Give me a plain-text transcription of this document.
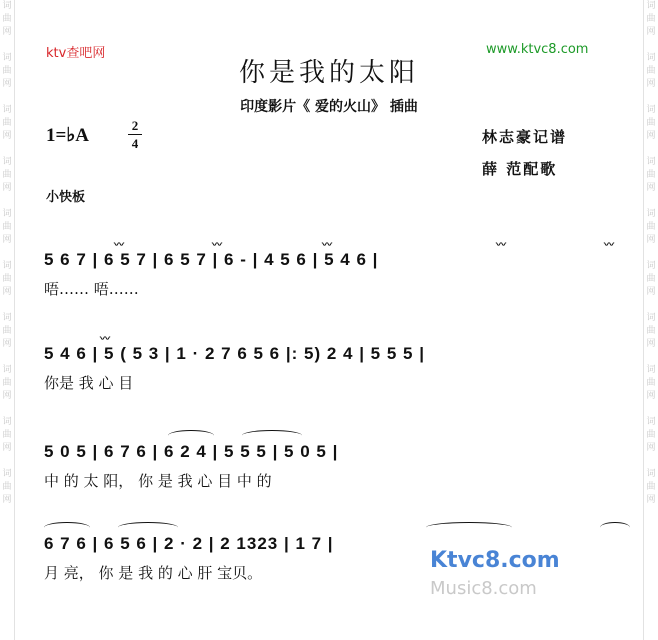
词
曲
网

词
曲
网

词
曲
网

词
曲
网

词
曲
网

词
曲
网

词
曲
网

词
曲
网

词
曲
网

词
曲
网
词
曲
网

词
曲
网

词
曲
网

词
曲
网

词
曲
网

词
曲
网

词
曲
网

词
曲
网

词
曲
网

词
曲
网
ktv查吧网	www.ktvc8.com
你是我的太阳
印度影片《 爱的火山》 插曲
1=♭A	2
4	林志豪记谱
薛 范配歌
小快板
5 6 7 | 6 5 7 | 6 5 7 | 6 - | 4 5 6 | 5 4 6 |
唔…… 唔……
〰	〰	〰	〰	〰
5 4 6 | 5 ( 5 3 | 1 · 2 7 6 5 6 |: 5) 2 4 | 5 5 5 |
你是 我 心 目
〰
5 0 5 | 6 7 6 | 6 2 4 | 5 5 5 | 5 0 5 |
中 的 太 阳， 你 是 我 心 目 中 的
6 7 6 | 6 5 6 | 2 · 2 | 2 1323 | 1 7 |
月 亮， 你 是 我 的 心 肝 宝贝。	Ktvc8.com
Music8.com
